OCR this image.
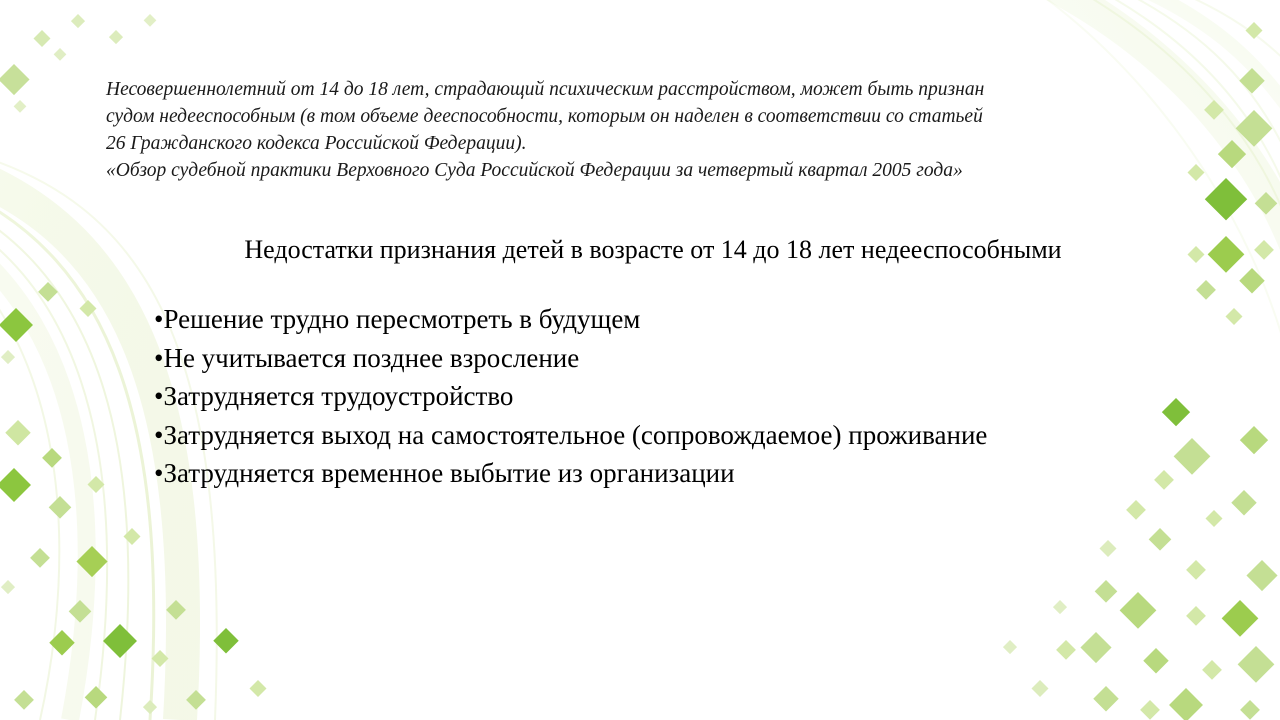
Несовершеннолетний от 14 до 18 лет, страдающий психическим расстройством, может быть признан
судом недееспособным (в том объеме дееспособности, которым он наделен в соответствии со статьей
26 Гражданского кодекса Российской Федерации).
«Обзор судебной практики Верховного Суда Российской Федерации за четвертый квартал 2005 года»
Недостатки признания детей в возрасте от 14 до 18 лет недееспособными
•Решение трудно пересмотреть в будущем
•Не учитывается позднее взросление
•Затрудняется трудоустройство
•Затрудняется выход на самостоятельное (сопровождаемое) проживание
•Затрудняется временное выбытие из организации
